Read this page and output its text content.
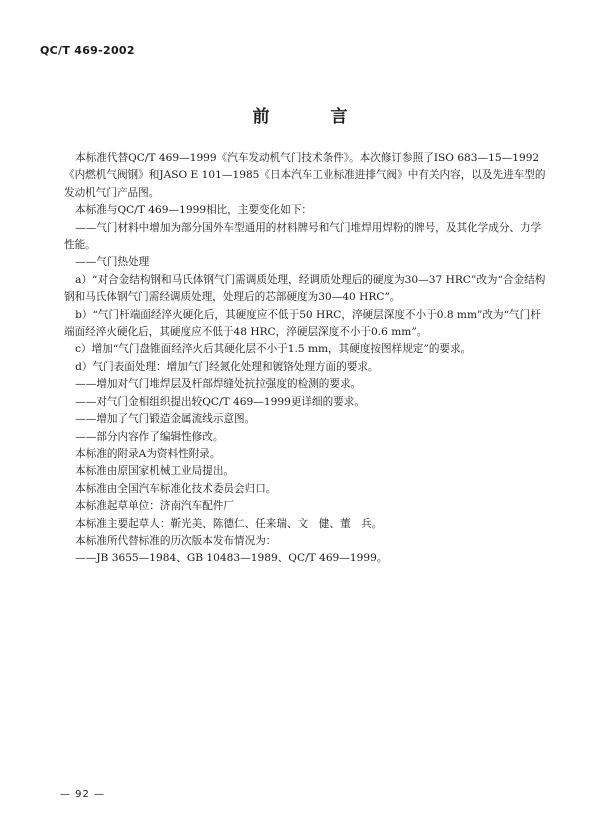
QC/T 469-2002
前　言

本标准代替QC/T 469—1999《汽车发动机气门技术条件》。本次修订参照了ISO 683—15—1992《内燃机气阀钢》和JASO E 101—1985《日本汽车工业标准进排气阀》中有关内容，以及先进车型的发动机气门产品图。

本标准与QC/T 469—1999相比，主要变化如下：

——气门材料中增加为部分国外车型通用的材料牌号和气门堆焊用焊粉的牌号，及其化学成分、力学性能。

——气门热处理

a）“对合金结构钢和马氏体钢气门需调质处理，经调质处理后的硬度为30—37 HRC”改为“合金结构钢和马氏体钢气门需经调质处理，处理后的芯部硬度为30—40 HRC”。

b）“气门杆端面经淬火硬化后，其硬度应不低于50 HRC，淬硬层深度不小于0.8 mm”改为“气门杆端面经淬火硬化后，其硬度应不低于48 HRC，淬硬层深度不小于0.6 mm”。

c）增加“气门盘锥面经淬火后其硬化层不小于1.5 mm，其硬度按图样规定”的要求。

d）气门表面处理：增加气门经氮化处理和镀铬处理方面的要求。

——增加对气门堆焊层及杆部焊缝处抗拉强度的检测的要求。

——对气门金相组织提出较QC/T 469—1999更详细的要求。

——增加了气门锻造金属流线示意图。

——部分内容作了编辑性修改。

本标准的附录A为资料性附录。

本标准由原国家机械工业局提出。

本标准由全国汽车标准化技术委员会归口。

本标准起草单位：济南汽车配件厂

本标准主要起草人：靳光美、陈德仁、任来瑞、文　健、董　兵。

本标准所代替标准的历次版本发布情况为：

——JB 3655—1984、GB 10483—1989、QC/T 469—1999。

— 92 —
